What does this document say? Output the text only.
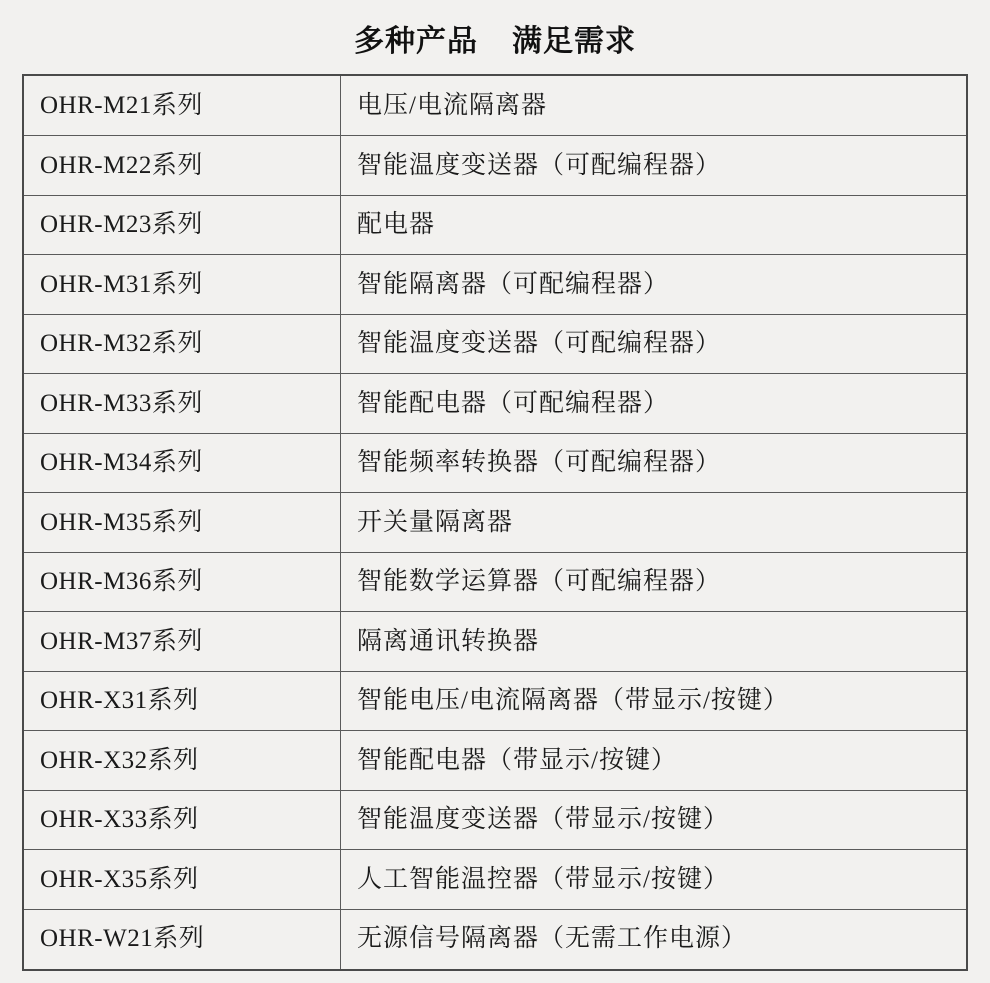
多种产品 满足需求
OHR-M21系列	电压/电流隔离器
OHR-M22系列	智能温度变送器（可配编程器）
OHR-M23系列	配电器
OHR-M31系列	智能隔离器（可配编程器）
OHR-M32系列	智能温度变送器（可配编程器）
OHR-M33系列	智能配电器（可配编程器）
OHR-M34系列	智能频率转换器（可配编程器）
OHR-M35系列	开关量隔离器
OHR-M36系列	智能数学运算器（可配编程器）
OHR-M37系列	隔离通讯转换器
OHR-X31系列	智能电压/电流隔离器（带显示/按键）
OHR-X32系列	智能配电器（带显示/按键）
OHR-X33系列	智能温度变送器（带显示/按键）
OHR-X35系列	人工智能温控器（带显示/按键）
OHR-W21系列	无源信号隔离器（无需工作电源）
